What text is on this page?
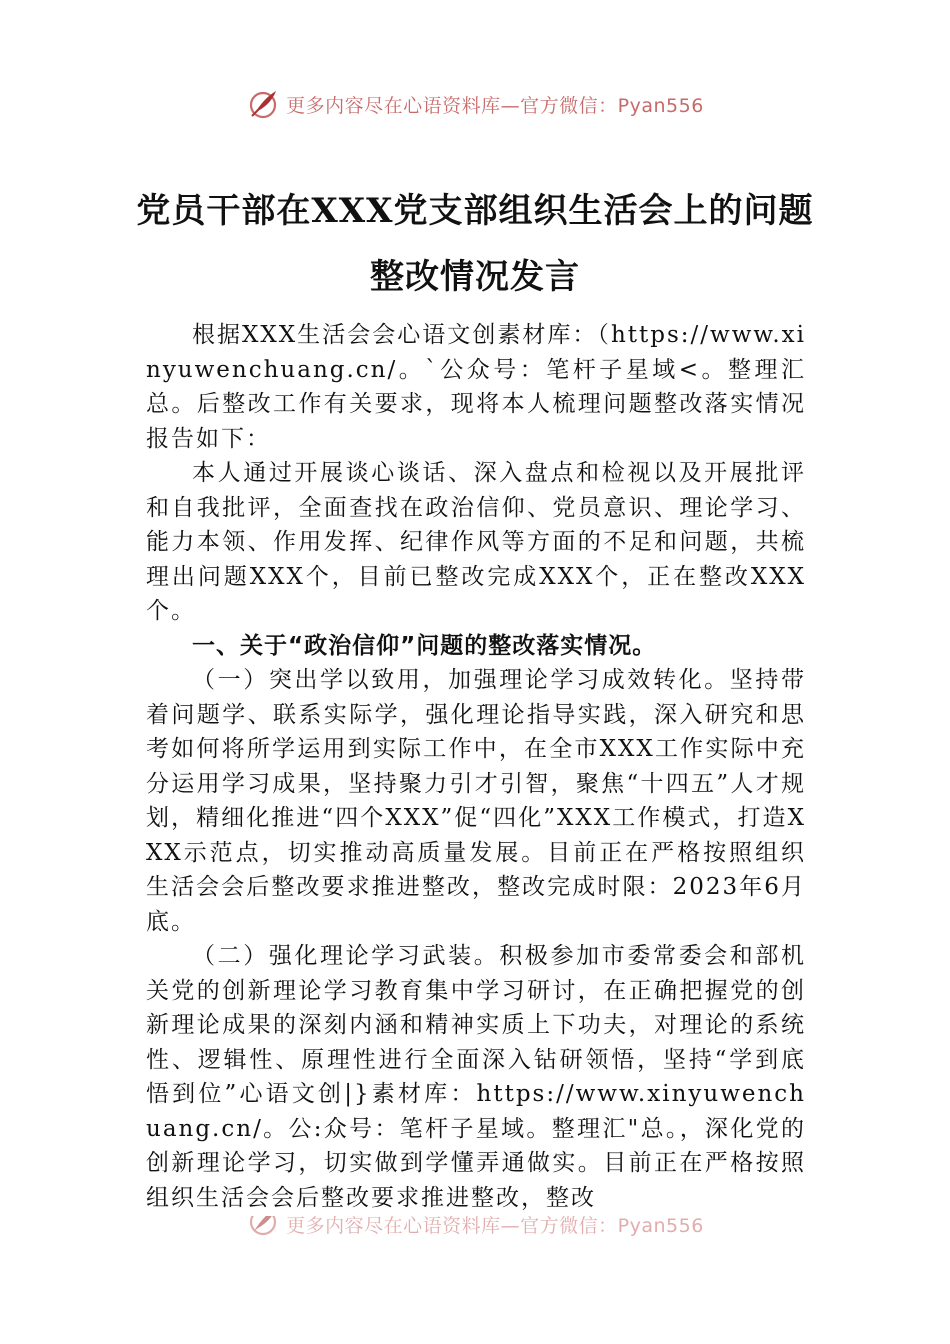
更多内容尽在心语资料库—官方微信：Pyan556
党员干部在XXX党支部组织生活会上的问题整改情况发言

根据XXX生活会会心语文创素材库：（https://www.xinyuwenchuang.cn/。`公众号：笔杆子星域<。整理汇总。后整改工作有关要求，现将本人梳理问题整改落实情况报告如下：

本人通过开展谈心谈话、深入盘点和检视以及开展批评和自我批评，全面查找在政治信仰、党员意识、理论学习、能力本领、作用发挥、纪律作风等方面的不足和问题，共梳理出问题XXX个，目前已整改完成XXX个，正在整改XXX个。

一、关于“政治信仰”问题的整改落实情况。

（一）突出学以致用，加强理论学习成效转化。坚持带着问题学、联系实际学，强化理论指导实践，深入研究和思考如何将所学运用到实际工作中，在全市XXX工作实际中充分运用学习成果，坚持聚力引才引智，聚焦“十四五”人才规划，精细化推进“四个XXX”促“四化”XXX工作模式，打造XXX示范点，切实推动高质量发展。目前正在严格按照组织生活会会后整改要求推进整改，整改完成时限：2023年6月底。

（二）强化理论学习武装。积极参加市委常委会和部机关党的创新理论学习教育集中学习研讨，在正确把握党的创新理论成果的深刻内涵和精神实质上下功夫，对理论的系统性、逻辑性、原理性进行全面深入钻研领悟，坚持“学到底悟到位”心语文创|}素材库：https://www.xinyuwenchuang.cn/。公:众号：笔杆子星域。整理汇"总。，深化党的创新理论学习，切实做到学懂弄通做实。目前正在严格按照组织生活会会后整改要求推进整改，整改

更多内容尽在心语资料库—官方微信：Pyan556
